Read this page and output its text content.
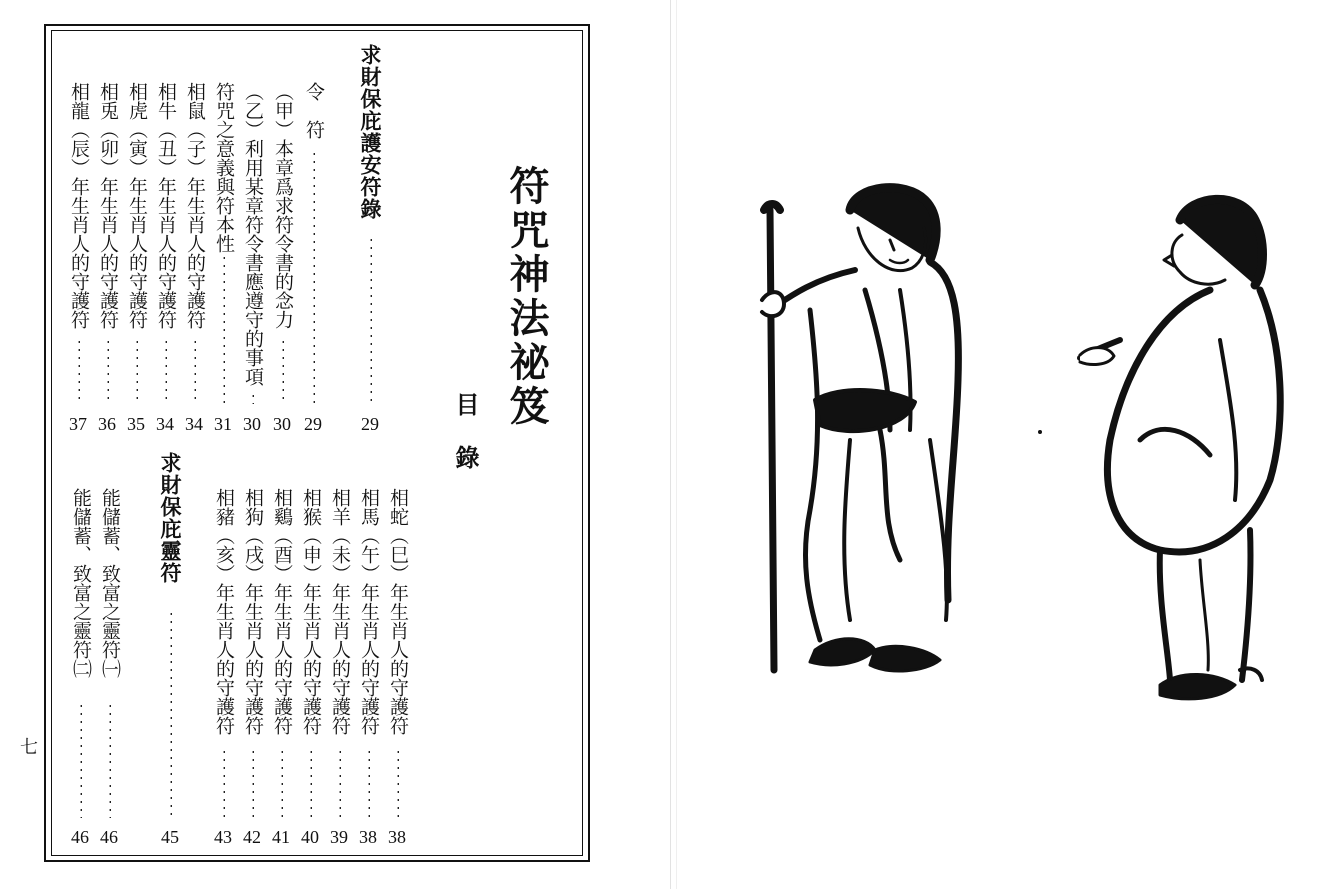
符咒神法祕笈
目 錄
求財保庇護安符錄
29
令　符
29
（甲）本章爲求符令書的念力
30
（乙）利用某章符令書應遵守的事項
30
符咒之意義與符本性
31
相鼠（子）年生肖人的守護符
34
相牛（丑）年生肖人的守護符
34
相虎（寅）年生肖人的守護符
35
相兎（卯）年生肖人的守護符
36
相龍（辰）年生肖人的守護符
37
相蛇（巳）年生肖人的守護符
38
相馬（午）年生肖人的守護符
38
相羊（未）年生肖人的守護符
39
相猴（申）年生肖人的守護符
40
相鷄（酉）年生肖人的守護符
41
相狗（戌）年生肖人的守護符
42
相豬（亥）年生肖人的守護符
43
求財保庇靈符
45
能儲蓄、致富之靈符㈠
46
能儲蓄、致富之靈符㈡
46
七
